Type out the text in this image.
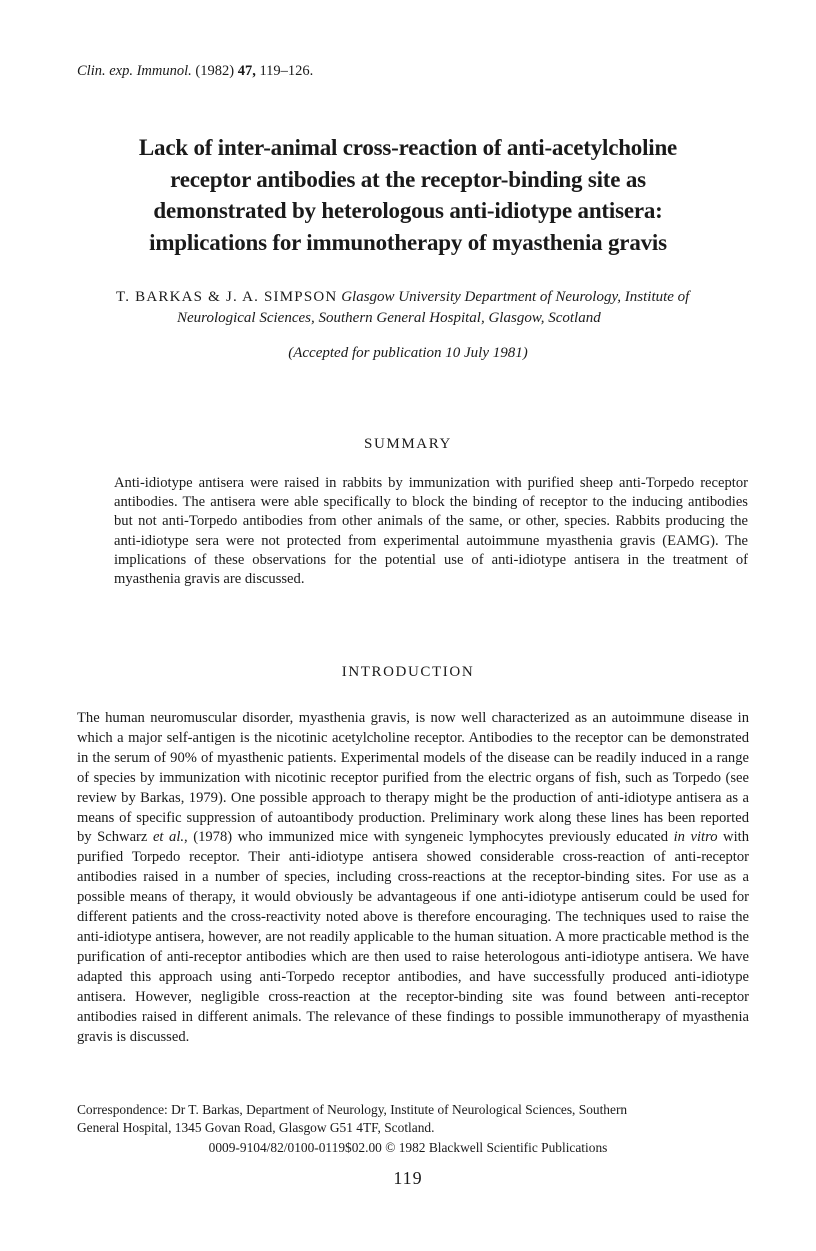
Clin. exp. Immunol. (1982) 47, 119–126.
Lack of inter-animal cross-reaction of anti-acetylcholine
receptor antibodies at the receptor-binding site as
demonstrated by heterologous anti-idiotype antisera:
implications for immunotherapy of myasthenia gravis
T. BARKAS & J. A. SIMPSON Glasgow University Department of Neurology, Institute of
Neurological Sciences, Southern General Hospital, Glasgow, Scotland
(Accepted for publication 10 July 1981)
SUMMARY
Anti-idiotype antisera were raised in rabbits by immunization with purified sheep anti-Torpedo receptor antibodies. The antisera were able specifically to block the binding of receptor to the inducing antibodies but not anti-Torpedo antibodies from other animals of the same, or other, species. Rabbits producing the anti-idiotype sera were not protected from experimental autoimmune myasthenia gravis (EAMG). The implications of these observations for the potential use of anti-idiotype antisera in the treatment of myasthenia gravis are discussed.
INTRODUCTION
The human neuromuscular disorder, myasthenia gravis, is now well characterized as an autoimmune disease in which a major self-antigen is the nicotinic acetylcholine receptor. Antibodies to the receptor can be demonstrated in the serum of 90% of myasthenic patients. Experimental models of the disease can be readily induced in a range of species by immunization with nicotinic receptor purified from the electric organs of fish, such as Torpedo (see review by Barkas, 1979). One possible approach to therapy might be the production of anti-idiotype antisera as a means of specific suppression of autoantibody production. Preliminary work along these lines has been reported by Schwarz et al., (1978) who immunized mice with syngeneic lymphocytes previously educated in vitro with purified Torpedo receptor. Their anti-idiotype antisera showed considerable cross-reaction of anti-receptor antibodies raised in a number of species, including cross-reactions at the receptor-binding sites. For use as a possible means of therapy, it would obviously be advantageous if one anti-idiotype antiserum could be used for different patients and the cross-reactivity noted above is therefore encouraging. The techniques used to raise the anti-idiotype antisera, however, are not readily applicable to the human situation. A more practicable method is the purification of anti-receptor antibodies which are then used to raise heterologous anti-idiotype antisera. We have adapted this approach using anti-Torpedo receptor antibodies, and have successfully produced anti-idiotype antisera. However, negligible cross-reaction at the receptor-binding site was found between anti-receptor antibodies raised in different animals. The relevance of these findings to possible immunotherapy of myasthenia gravis is discussed.
Correspondence: Dr T. Barkas, Department of Neurology, Institute of Neurological Sciences, Southern
General Hospital, 1345 Govan Road, Glasgow G51 4TF, Scotland.
0009-9104/82/0100-0119$02.00 © 1982 Blackwell Scientific Publications
119
